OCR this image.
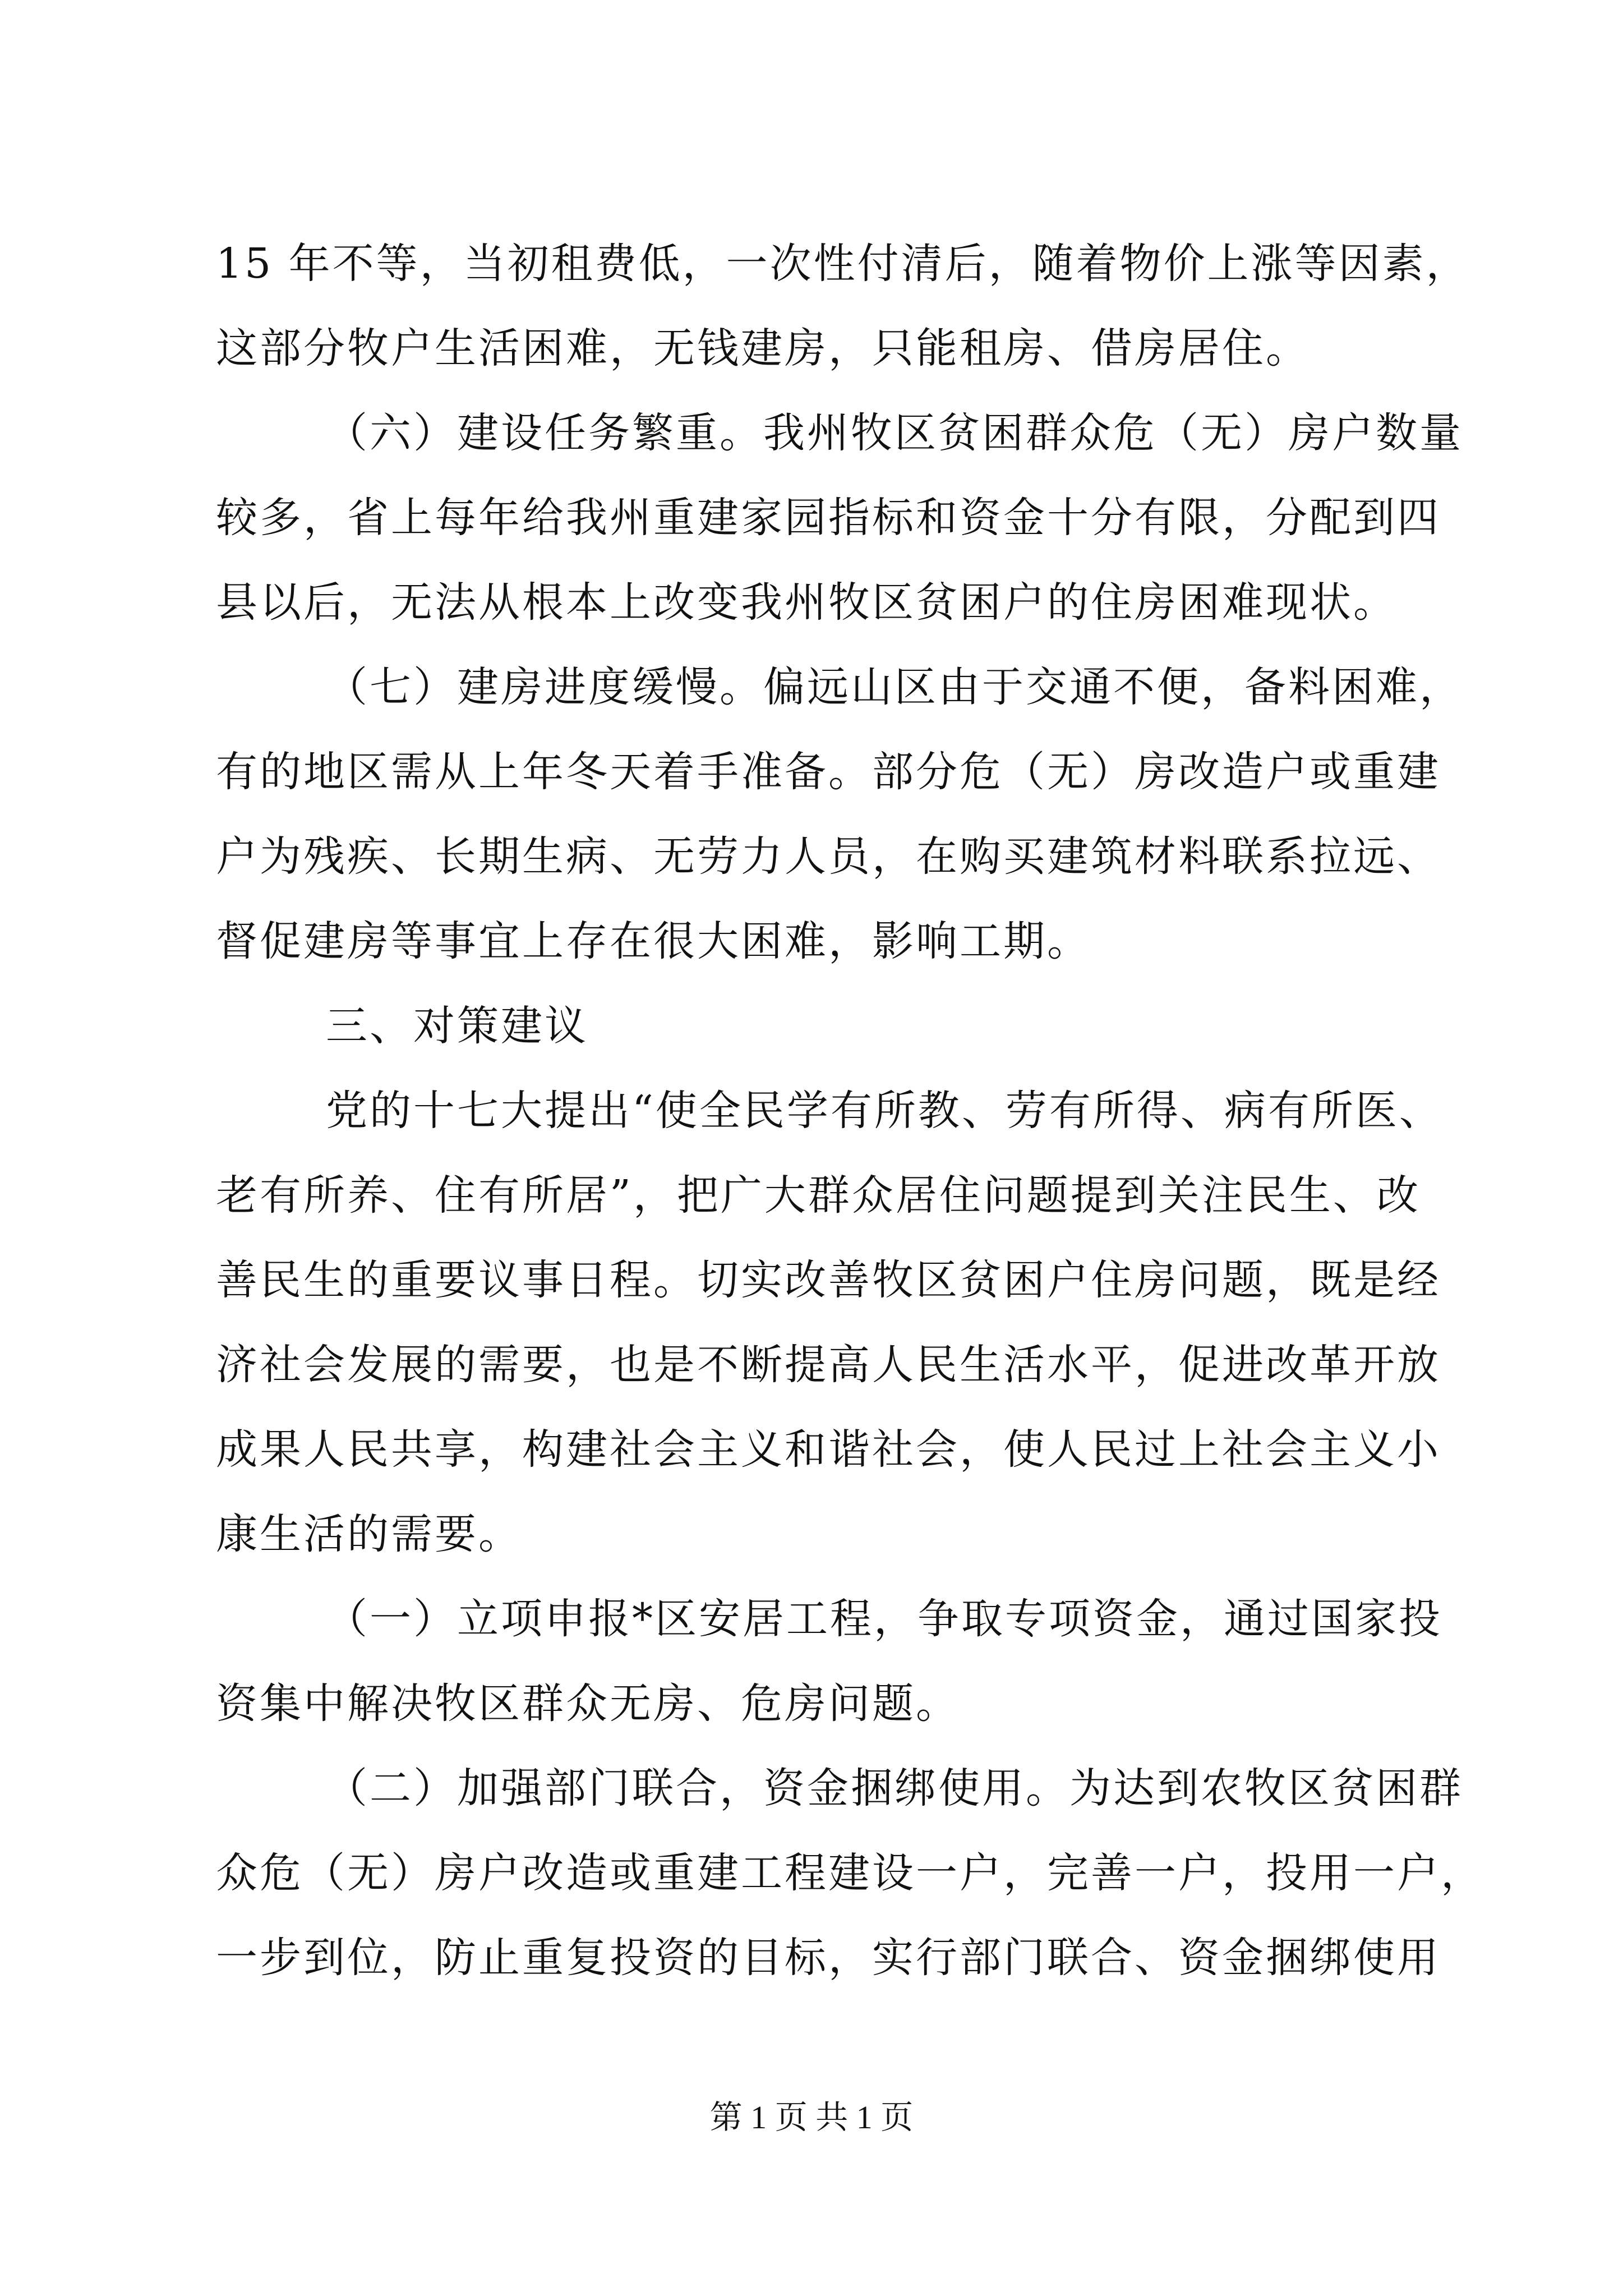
15 年不等，当初租费低，一次性付清后，随着物价上涨等因素，
这部分牧户生活困难，无钱建房，只能租房、借房居住。
（六）建设任务繁重。我州牧区贫困群众危（无）房户数量
较多，省上每年给我州重建家园指标和资金十分有限，分配到四
县以后，无法从根本上改变我州牧区贫困户的住房困难现状。
（七）建房进度缓慢。偏远山区由于交通不便，备料困难，
有的地区需从上年冬天着手准备。部分危（无）房改造户或重建
户为残疾、长期生病、无劳力人员，在购买建筑材料联系拉远、
督促建房等事宜上存在很大困难，影响工期。
三、对策建议
党的十七大提出“使全民学有所教、劳有所得、病有所医、
老有所养、住有所居”，把广大群众居住问题提到关注民生、改
善民生的重要议事日程。切实改善牧区贫困户住房问题，既是经
济社会发展的需要，也是不断提高人民生活水平，促进改革开放
成果人民共享，构建社会主义和谐社会，使人民过上社会主义小
康生活的需要。
（一）立项申报*区安居工程，争取专项资金，通过国家投
资集中解决牧区群众无房、危房问题。
（二）加强部门联合，资金捆绑使用。为达到农牧区贫困群
众危（无）房户改造或重建工程建设一户，完善一户，投用一户，
一步到位，防止重复投资的目标，实行部门联合、资金捆绑使用
第 1 页 共 1 页
